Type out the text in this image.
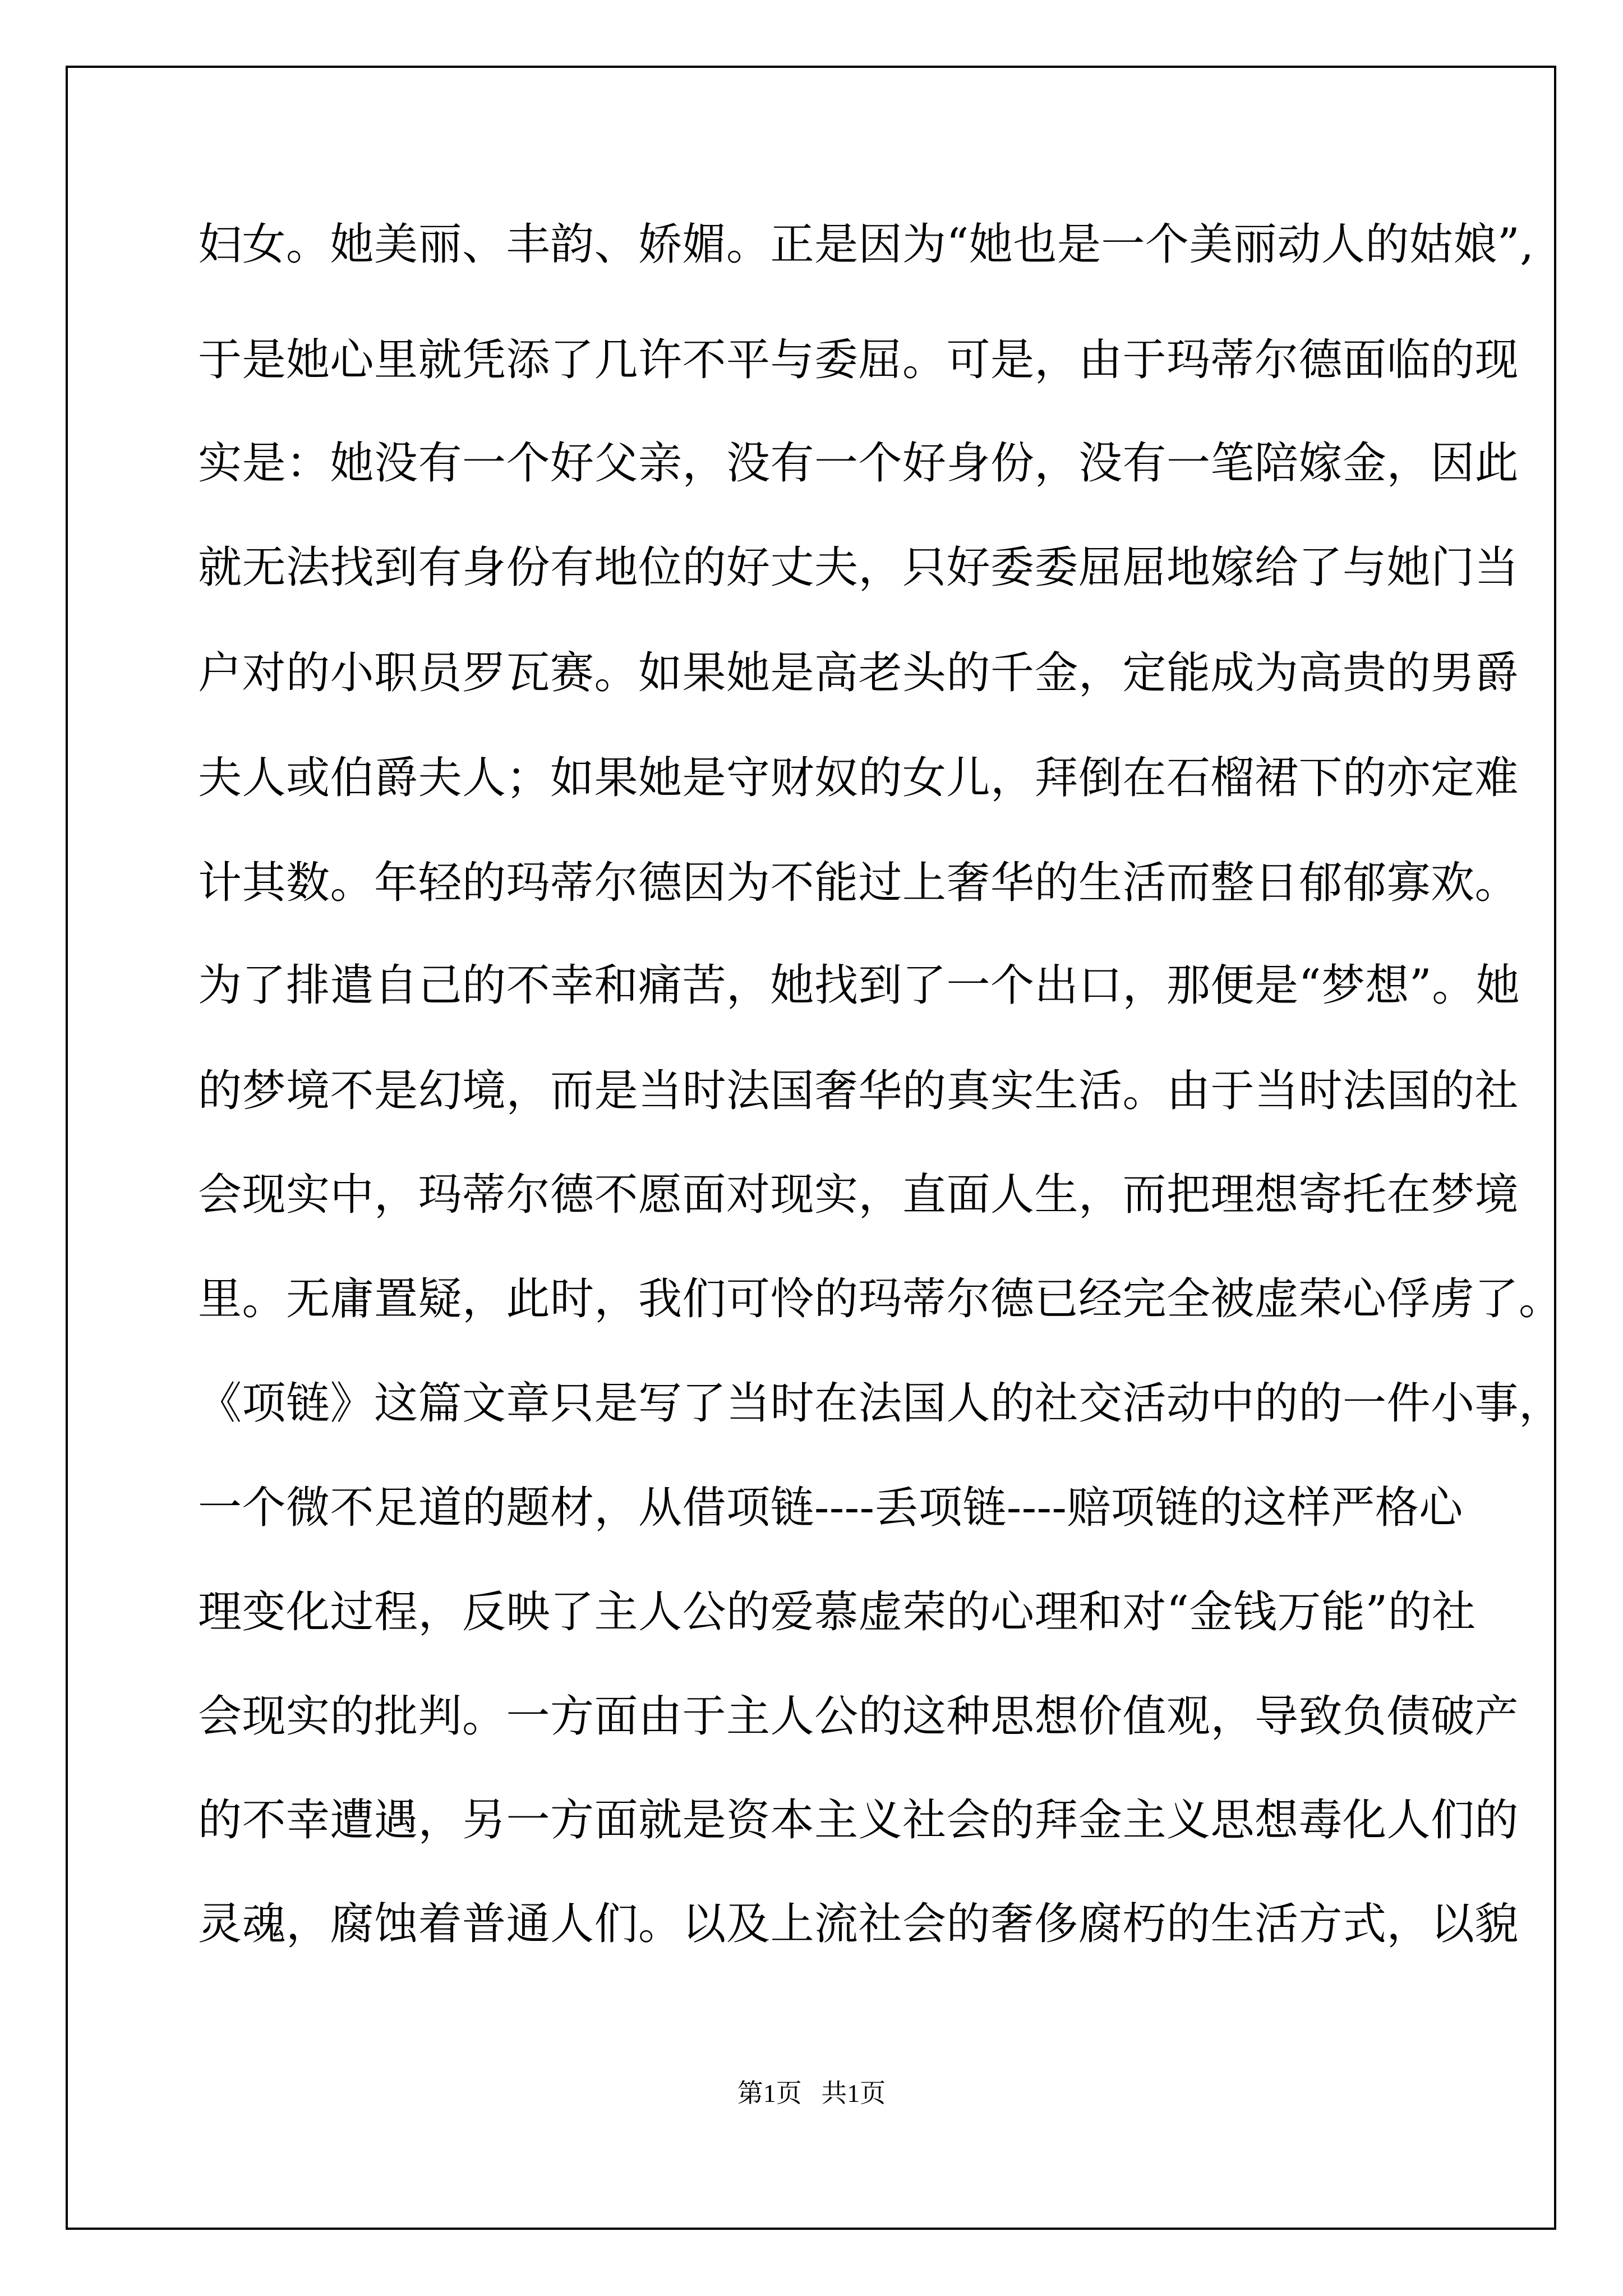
妇女。她美丽、丰韵、娇媚。正是因为“她也是一个美丽动人的姑娘”,
于是她心里就凭添了几许不平与委屈。可是，由于玛蒂尔德面临的现
实是：她没有一个好父亲，没有一个好身份，没有一笔陪嫁金，因此
就无法找到有身份有地位的好丈夫，只好委委屈屈地嫁给了与她门当
户对的小职员罗瓦赛。如果她是高老头的千金，定能成为高贵的男爵
夫人或伯爵夫人；如果她是守财奴的女儿，拜倒在石榴裙下的亦定难
计其数。年轻的玛蒂尔德因为不能过上奢华的生活而整日郁郁寡欢。
为了排遣自己的不幸和痛苦，她找到了一个出口，那便是“梦想”。她
的梦境不是幻境，而是当时法国奢华的真实生活。由于当时法国的社
会现实中，玛蒂尔德不愿面对现实，直面人生，而把理想寄托在梦境
里。无庸置疑，此时，我们可怜的玛蒂尔德已经完全被虚荣心俘虏了。
《项链》这篇文章只是写了当时在法国人的社交活动中的的一件小事，
一个微不足道的题材，从借项链----丢项链----赔项链的这样严格心
理变化过程，反映了主人公的爱慕虚荣的心理和对“金钱万能”的社
会现实的批判。一方面由于主人公的这种思想价值观，导致负债破产
的不幸遭遇，另一方面就是资本主义社会的拜金主义思想毒化人们的
灵魂，腐蚀着普通人们。以及上流社会的奢侈腐朽的生活方式，以貌
第1页   共1页
